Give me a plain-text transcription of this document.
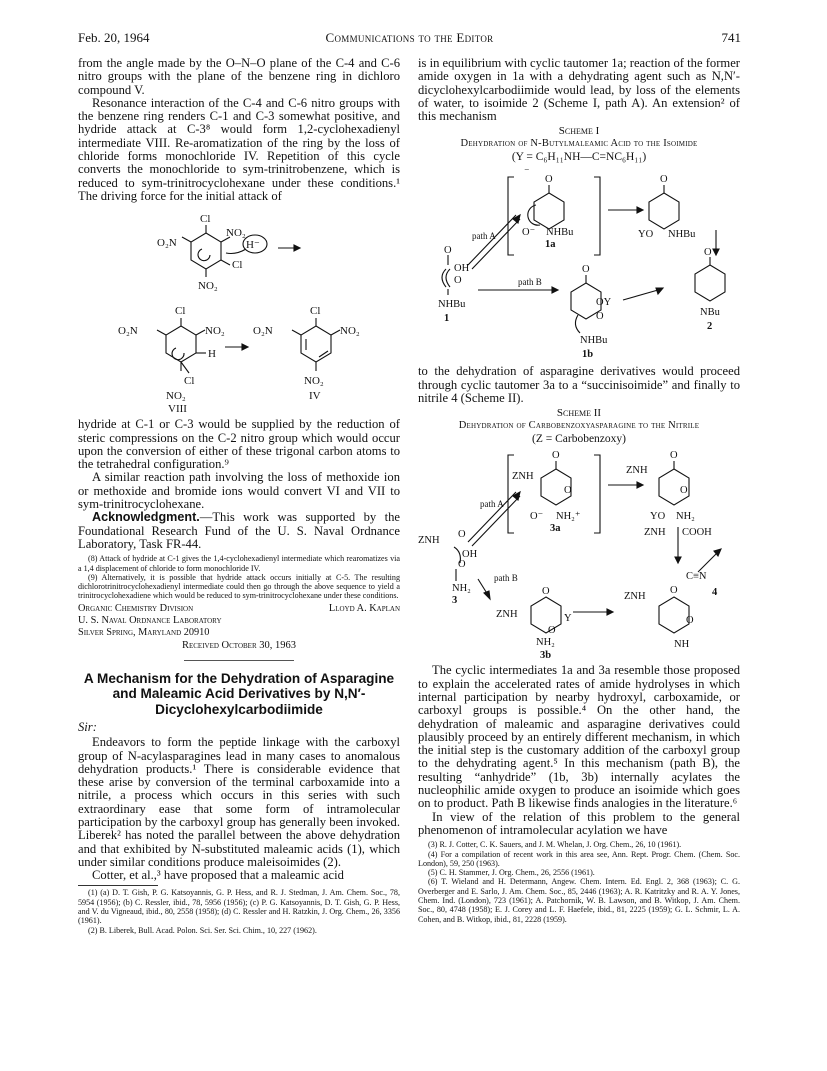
Feb. 20, 1964	Communications to the Editor	741

from the angle made by the O–N–O plane of the C-4 and C-6 nitro groups with the plane of the benzene ring in dichloro compound V.

Resonance interaction of the C-4 and C-6 nitro groups with the benzene ring renders C-1 and C-3 somewhat positive, and hydride attack at C-3⁸ would form 1,2-cyclohexadienyl intermediate VIII. Re-aromatization of the ring by the loss of chloride forms monochloride IV. Repetition of this cycle converts the monochloride to sym-trinitrobenzene, which is reduced to sym-trinitrocyclohexane under these conditions.¹ The driving force for the initial attack of

Cl
O₂N
NO₂
Cl
H⁻
NO₂
Cl
O₂N	NO₂
H
Cl
NO₂
VIII
Cl
O₂N	NO₂
NO₂
IV

hydride at C-1 or C-3 would be supplied by the reduction of steric compressions on the C-2 nitro group which would occur upon the conversion of either of these trigonal carbon atoms to the tetrahedral configuration.⁹

A similar reaction path involving the loss of methoxide ion or methoxide and bromide ions would convert VI and VII to sym-trinitrocyclohexane.

Acknowledgment.—This work was supported by the Foundational Research Fund of the U. S. Naval Ordnance Laboratory, Task FR-44.

(8) Attack of hydride at C-1 gives the 1,4-cyclohexadienyl intermediate which rearomatizes via a 1,4 displacement of chloride to form monochloride IV.

(9) Alternatively, it is possible that hydride attack occurs initially at C-5. The resulting dichlorotrinitrocyclohexadienyl intermediate could then go through the above sequence to yield a trinitrocyclohexadiene which would be reduced to sym-trinitrocyclohexane under these conditions.

Organic Chemistry Division	Lloyd A. Kaplan
U. S. Naval Ordnance Laboratory
Silver Spring, Maryland 20910
Received October 30, 1963
A Mechanism for the Dehydration of Asparagine and Maleamic Acid Derivatives by N,N′-Dicyclohexylcarbodiimide
Sir:

Endeavors to form the peptide linkage with the carboxyl group of N-acylasparagines lead in many cases to anomalous dehydration products.¹ There is considerable evidence that these arise by conversion of the terminal carboxamide into a nitrile, a process which occurs in this series with such extraordinary ease that some form of intramolecular participation by the carboxyl group has generally been invoked. Liberek² has noted the parallel between the above dehydration and that exhibited by N-substituted maleamic acids (1), which under similar conditions produce maleisoimides (2).

Cotter, et al.,³ have proposed that a maleamic acid

(1) (a) D. T. Gish, P. G. Katsoyannis, G. P. Hess, and R. J. Stedman, J. Am. Chem. Soc., 78, 5954 (1956); (b) C. Ressler, ibid., 78, 5956 (1956); (c) P. G. Katsoyannis, D. T. Gish, G. P. Hess, and V. du Vigneaud, ibid., 80, 2558 (1958); (d) C. Ressler and H. Ratzkin, J. Org. Chem., 26, 3356 (1961).

(2) B. Liberek, Bull. Acad. Polon. Sci. Ser. Sci. Chim., 10, 227 (1962).

is in equilibrium with cyclic tautomer 1a; reaction of the former amide oxygen in 1a with a dehydrating agent such as N,N′-dicyclohexylcarbodiimide would lead, by loss of the elements of water, to isoimide 2 (Scheme I, path A). An extension² of this mechanism

Scheme I
Dehydration of N-Butylmaleamic Acid to the Isoimide
(Y = C₆H₁₁NH—C=NC₆H₁₁)
⁻
O
O⁻ NHBu
1a
O
YO NHBu
path A
O
OH
O
NHBu
1
path B
O
OY
O
NHBu
1b
O
NBu
2

to the dehydration of asparagine derivatives would proceed through cyclic tautomer 3a to a “succinisoimide” and finally to nitrile 4 (Scheme II).

Scheme II
Dehydration of Carbobenzoxyasparagine to the Nitrile
(Z = Carbobenzoxy)
O
ZNH
O
O⁻ NH₂⁺
3a
O
ZNH
O
YO NH₂
ZNH COOH
path A
ZNH
O
OH
O
NH₂
3
path B
O
ZNH	Y
O
NH₂
3b
C≡N
4
ZNH
O
NH
O

The cyclic intermediates 1a and 3a resemble those proposed to explain the accelerated rates of amide hydrolyses in which internal participation by nearby hydroxyl, carboxamide, or carboxyl groups is possible.⁴ On the other hand, the dehydration of maleamic and asparagine derivatives could plausibly proceed by an entirely different mechanism, in which the initial step is the customary addition of the carboxyl group to the dehydrating agent.⁵ In this mechanism (path B), the resulting “anhydride” (1b, 3b) internally acylates the nucleophilic amide oxygen to produce an isoimide which goes on to product. Path B likewise finds analogies in the literature.⁶

In view of the relation of this problem to the general phenomenon of intramolecular acylation we have

(3) R. J. Cotter, C. K. Sauers, and J. M. Whelan, J. Org. Chem., 26, 10 (1961).

(4) For a compilation of recent work in this area see, Ann. Rept. Progr. Chem. (Chem. Soc. London), 59, 250 (1963).

(5) C. H. Stammer, J. Org. Chem., 26, 2556 (1961).

(6) T. Wieland and H. Determann, Angew. Chem. Intern. Ed. Engl. 2, 368 (1963); C. G. Overberger and E. Sarlo, J. Am. Chem. Soc., 85, 2446 (1963); A. R. Katritzky and R. A. Y. Jones, Chem. Ind. (London), 723 (1961); A. Patchornik, W. B. Lawson, and B. Witkop, J. Am. Chem. Soc., 80, 4748 (1958); E. J. Corey and L. F. Haefele, ibid., 81, 2225 (1959); G. L. Schmir, L. A. Cohen, and B. Witkop, ibid., 81, 2228 (1959).
